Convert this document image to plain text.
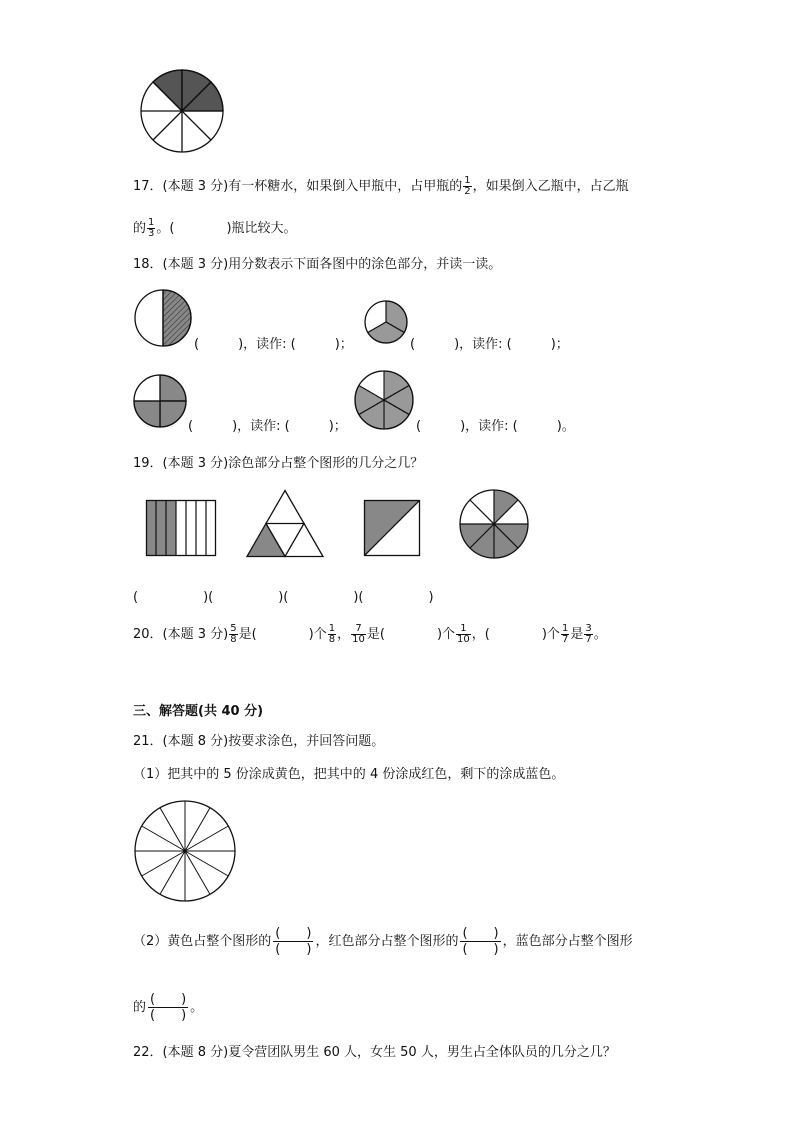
17．(本题 3 分)有一杯糖水，如果倒入甲瓶中，占甲瓶的 $\frac{1}{2}$ ，如果倒入乙瓶中，占乙瓶
的 $\frac{1}{3}$ 。(　　　　)瓶比较大。
18．(本题 3 分)用分数表示下面各图中的涂色部分，并读一读。
(　　　)，读作: (　　　)；	(　　　)，读作: (　　　)；
(　　　)，读作: (　　　)；	(　　　)，读作: (　　　)。
19．(本题 3 分)涂色部分占整个图形的几分之几？
(　　　　　)(　　　　　)(　　　　　)(　　　　　)
20．(本题 3 分) $\frac{5}{8}$ 是(　　　　)个 $\frac{1}{8}$ ， $\frac{7}{10}$ 是(　　　　)个 $\frac{1}{10}$ ，(　　　　)个 $\frac{1}{7}$ 是 $\frac{3}{7}$ 。
三、解答题(共 40 分)
21．(本题 8 分)按要求涂色，并回答问题。
（1）把其中的 5 份涂成黄色，把其中的 4 份涂成红色，剩下的涂成蓝色。
（2）黄色占整个图形的
(　　)
(　　)
，红色部分占整个图形的
(　　)
(　　)
，蓝色部分占整个图形
的
(　　)
(　　)
。
22．(本题 8 分)夏令营团队男生 60 人，女生 50 人，男生占全体队员的几分之几？
